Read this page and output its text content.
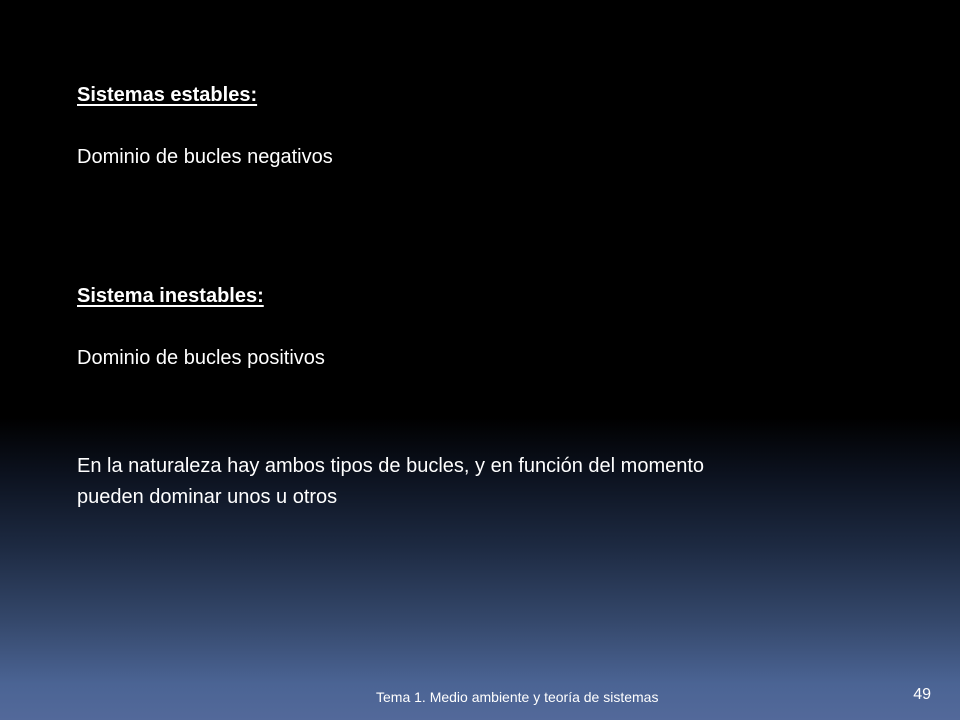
Sistemas estables:

Dominio de bucles negativos

Sistema inestables:

Dominio de bucles positivos

En la naturaleza hay ambos tipos de bucles, y en función del momento

pueden dominar unos u otros

Tema 1. Medio ambiente y teoría de sistemas	49
